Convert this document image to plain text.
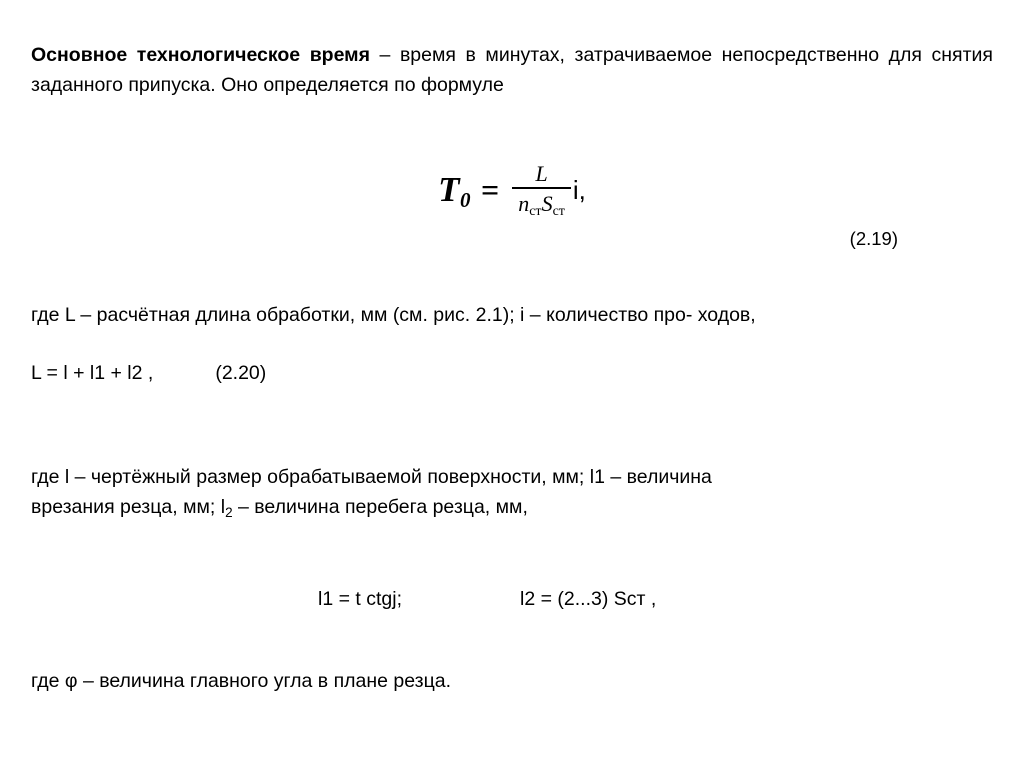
Основное технологическое время – время в минутах, затрачиваемое непосредственно для снятия заданного припуска. Оно определяется по формуле

$T_0 = \frac{L}{n_{ст}S_{ст}} i$,
(2.19)

где L – расчётная длина обработки, мм (см. рис. 2.1); i – количество про- ходов,

L = l + l1 + l2 ,	(2.20)

где l – чертёжный размер обрабатываемой поверхности, мм; l1 – величина
врезания резца, мм; $l_2$ – величина перебега резца, мм,

l1 = t ctgj;	l2 = (2...3) Sст ,

где φ – величина главного угла в плане резца.
